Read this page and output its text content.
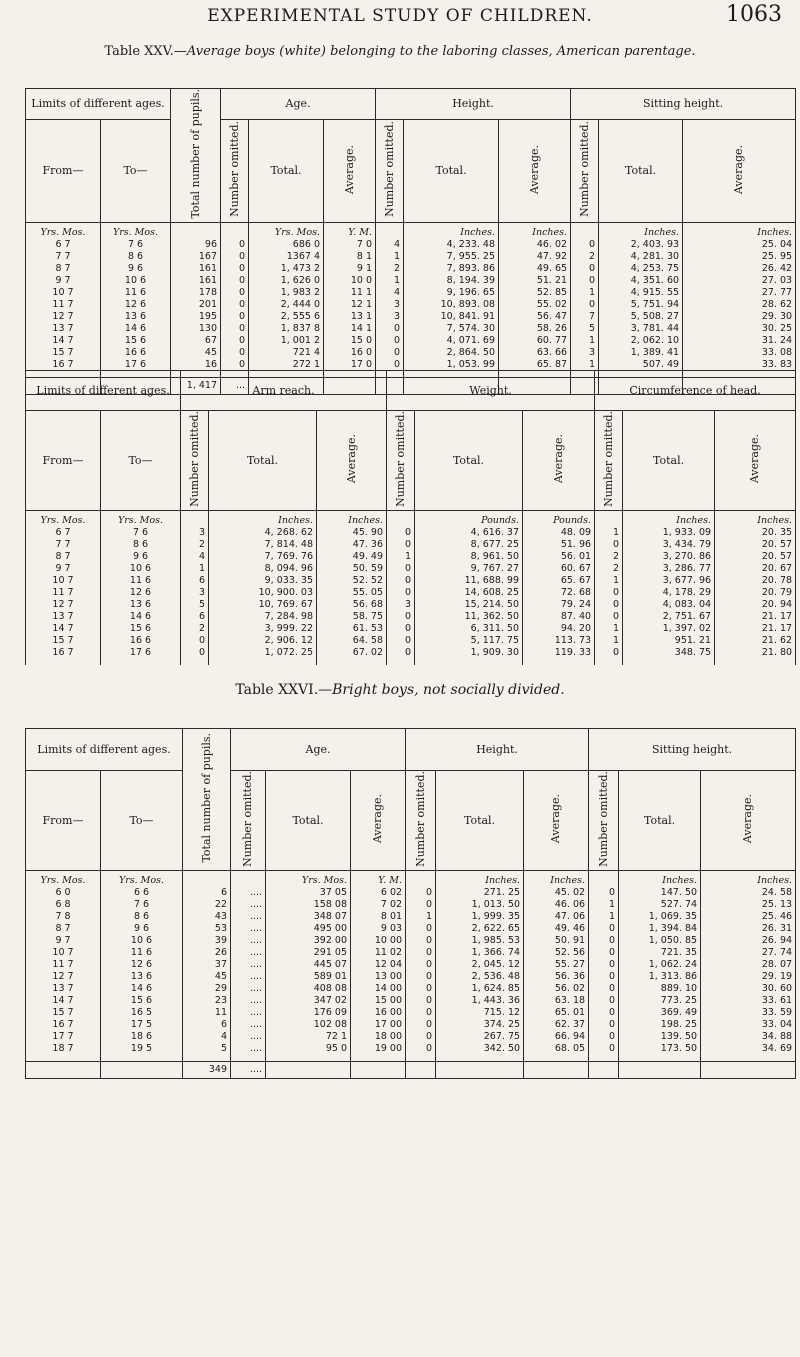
EXPERIMENTAL STUDY OF CHILDREN.	1063
Table XXV.—Average boys (white) belonging to the laboring classes, American parentage.
Limits of different ages.		Total number of pupils.	Age.			Height.			Sitting height.		
From—	To—		Number omitted.	Total.	Average.	Number omitted.	Total.	Average.	Number omitted.	Total.	Average.
Yrs. Mos.	Yrs. Mos.			Yrs. Mos.	Y. M.		Inches.	Inches.		Inches.	Inches.
6 7	7 6	96	0	686 0	7 0	4	4, 233. 48	46. 02	0	2, 403. 93	25. 04
7 7	8 6	167	0	1367 4	8 1	1	7, 955. 25	47. 92	2	4, 281. 30	25. 95
8 7	9 6	161	0	1, 473 2	9 1	2	7, 893. 86	49. 65	0	4, 253. 75	26. 42
9 7	10 6	161	0	1, 626 0	10 0	1	8, 194. 39	51. 21	0	4, 351. 60	27. 03
10 7	11 6	178	0	1, 983 2	11 1	4	9, 196. 65	52. 85	1	4, 915. 55	27. 77
11 7	12 6	201	0	2, 444 0	12 1	3	10, 893. 08	55. 02	0	5, 751. 94	28. 62
12 7	13 6	195	0	2, 555 6	13 1	3	10, 841. 91	56. 47	7	5, 508. 27	29. 30
13 7	14 6	130	0	1, 837 8	14 1	0	7, 574. 30	58. 26	5	3, 781. 44	30. 25
14 7	15 6	67	0	1, 001 2	15 0	0	4, 071. 69	60. 77	1	2, 062. 10	31. 24
15 7	16 6	45	0	721 4	16 0	0	2, 864. 50	63. 66	3	1, 389. 41	33. 08
16 7	17 6	16	0	272 1	17 0	0	1, 053. 99	65. 87	1	507. 49	33. 83
		1, 417	...								
Limits of different ages.		Arm reach.			Weight.			Circumference of head.		
From—	To—	Number omitted.	Total.	Average.	Number omitted.	Total.	Average.	Number omitted.	Total.	Average.
Yrs. Mos.	Yrs. Mos.		Inches.	Inches.		Pounds.	Pounds.		Inches.	Inches.
6 7	7 6	3	4, 268. 62	45. 90	0	4, 616. 37	48. 09	1	1, 933. 09	20. 35
7 7	8 6	2	7, 814. 48	47. 36	0	8, 677. 25	51. 96	0	3, 434. 79	20. 57
8 7	9 6	4	7, 769. 76	49. 49	1	8, 961. 50	56. 01	2	3, 270. 86	20. 57
9 7	10 6	1	8, 094. 96	50. 59	0	9, 767. 27	60. 67	2	3, 286. 77	20. 67
10 7	11 6	6	9, 033. 35	52. 52	0	11, 688. 99	65. 67	1	3, 677. 96	20. 78
11 7	12 6	3	10, 900. 03	55. 05	0	14, 608. 25	72. 68	0	4, 178. 29	20. 79
12 7	13 6	5	10, 769. 67	56. 68	3	15, 214. 50	79. 24	0	4, 083. 04	20. 94
13 7	14 6	6	7, 284. 98	58. 75	0	11, 362. 50	87. 40	0	2, 751. 67	21. 17
14 7	15 6	2	3, 999. 22	61. 53	0	6, 311. 50	94. 20	1	1, 397. 02	21. 17
15 7	16 6	0	2, 906. 12	64. 58	0	5, 117. 75	113. 73	1	951. 21	21. 62
16 7	17 6	0	1, 072. 25	67. 02	0	1, 909. 30	119. 33	0	348. 75	21. 80
Table XXVI.—Bright boys, not socially divided.
Limits of different ages.		Total number of pupils.	Age.			Height.			Sitting height.		
From—	To—		Number omitted.	Total.	Average.	Number omitted.	Total.	Average.	Number omitted.	Total.	Average.
Yrs. Mos.	Yrs. Mos.			Yrs. Mos.	Y. M.		Inches.	Inches.		Inches.	Inches.
6 0	6 6	6	....	37 05	6 02	0	271. 25	45. 02	0	147. 50	24. 58
6 8	7 6	22	....	158 08	7 02	0	1, 013. 50	46. 06	1	527. 74	25. 13
7 8	8 6	43	....	348 07	8 01	1	1, 999. 35	47. 06	1	1, 069. 35	25. 46
8 7	9 6	53	....	495 00	9 03	0	2, 622. 65	49. 46	0	1, 394. 84	26. 31
9 7	10 6	39	....	392 00	10 00	0	1, 985. 53	50. 91	0	1, 050. 85	26. 94
10 7	11 6	26	....	291 05	11 02	0	1, 366. 74	52. 56	0	721. 35	27. 74
11 7	12 6	37	....	445 07	12 04	0	2, 045. 12	55. 27	0	1, 062. 24	28. 07
12 7	13 6	45	....	589 01	13 00	0	2, 536. 48	56. 36	0	1, 313. 86	29. 19
13 7	14 6	29	....	408 08	14 00	0	1, 624. 85	56. 02	0	889. 10	30. 60
14 7	15 6	23	....	347 02	15 00	0	1, 443. 36	63. 18	0	773. 25	33. 61
15 7	16 5	11	....	176 09	16 00	0	715. 12	65. 01	0	369. 49	33. 59
16 7	17 5	6	....	102 08	17 00	0	374. 25	62. 37	0	198. 25	33. 04
17 7	18 6	4	....	72 1	18 00	0	267. 75	66. 94	0	139. 50	34. 88
18 7	19 5	5	....	95 0	19 00	0	342. 50	68. 05	0	173. 50	34. 69
		349	....								
